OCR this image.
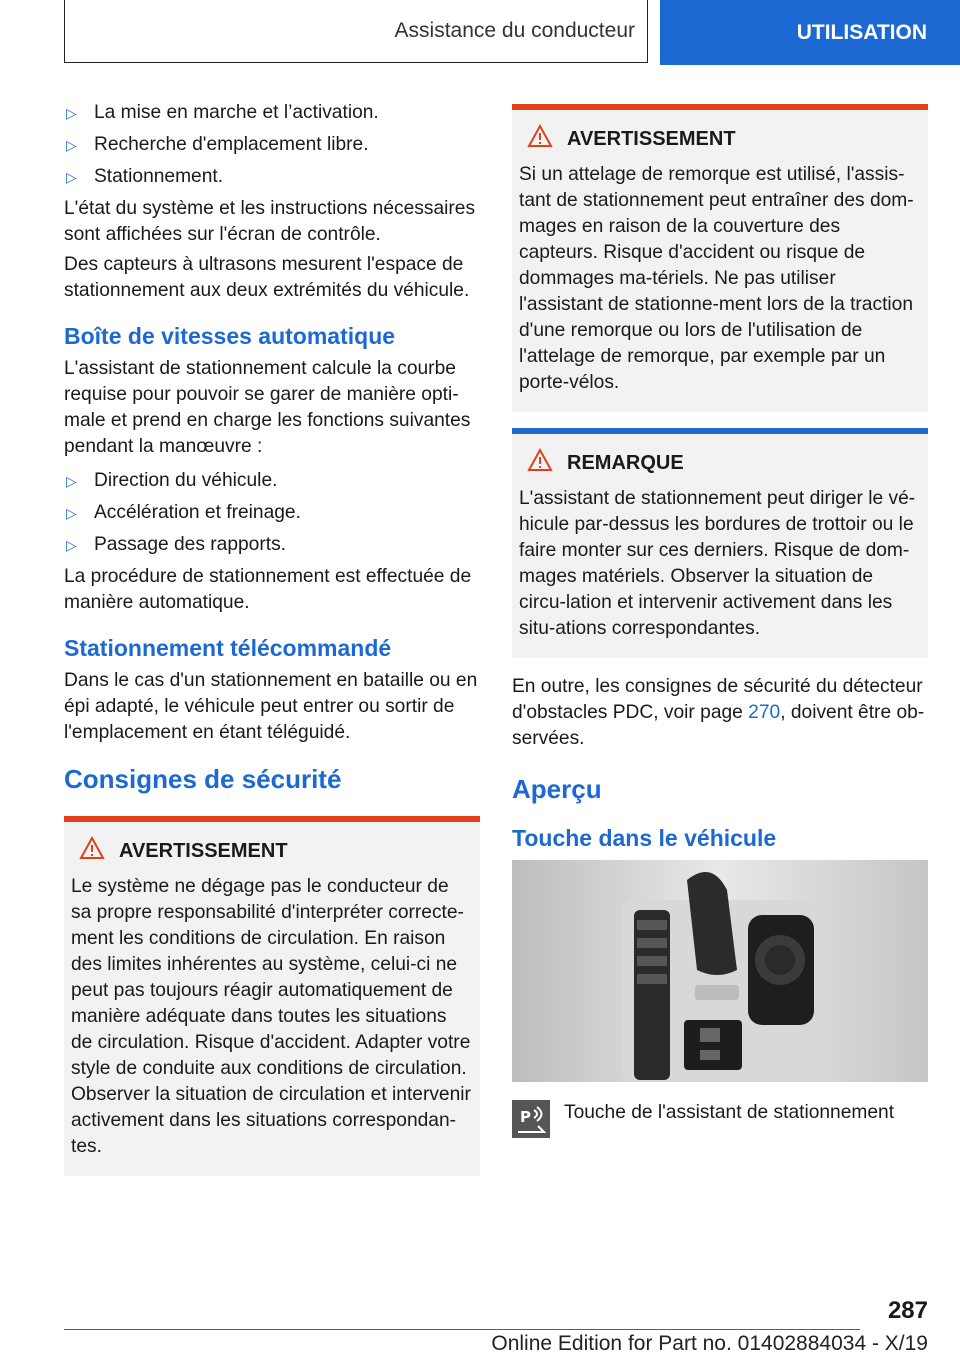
Assistance du conducteur	UTILISATION
▷ La mise en marche et l’activation.
▷ Recherche d'emplacement libre.
▷ Stationnement.

L'état du système et les instructions nécessaires sont affichées sur l'écran de contrôle.

Des capteurs à ultrasons mesurent l'espace de stationnement aux deux extrémités du véhicule.

Boîte de vitesses automatique

L'assistant de stationnement calcule la courbe requise pour pouvoir se garer de manière opti-male et prend en charge les fonctions suivantes pendant la manœuvre :

▷ Direction du véhicule.
▷ Accélération et freinage.
▷ Passage des rapports.

La procédure de stationnement est effectuée de manière automatique.

Stationnement télécommandé

Dans le cas d'un stationnement en bataille ou en épi adapté, le véhicule peut entrer ou sortir de l'emplacement en étant téléguidé.

Consignes de sécurité
AVERTISSEMENT

Le système ne dégage pas le conducteur de sa propre responsabilité d'interpréter correcte-ment les conditions de circulation. En raison des limites inhérentes au système, celui-ci ne peut pas toujours réagir automatiquement de manière adéquate dans toutes les situations de circulation. Risque d'accident. Adapter votre style de conduite aux conditions de circulation. Observer la situation de circulation et intervenir activement dans les situations correspondan-tes.

AVERTISSEMENT

Si un attelage de remorque est utilisé, l'assis-tant de stationnement peut entraîner des dom-mages en raison de la couverture des capteurs. Risque d'accident ou risque de dommages ma-tériels. Ne pas utiliser l'assistant de stationne-ment lors de la traction d'une remorque ou lors de l'utilisation de l'attelage de remorque, par exemple par un porte-vélos.

REMARQUE

L'assistant de stationnement peut diriger le vé-hicule par-dessus les bordures de trottoir ou le faire monter sur ces derniers. Risque de dom-mages matériels. Observer la situation de circu-lation et intervenir activement dans les situ-ations correspondantes.

En outre, les consignes de sécurité du détecteur d'obstacles PDC, voir page 270, doivent être ob-servées.

Aperçu
Touche dans le véhicule
P Touche de l'assistant de stationnement

287
Online Edition for Part no. 01402884034 - X/19
